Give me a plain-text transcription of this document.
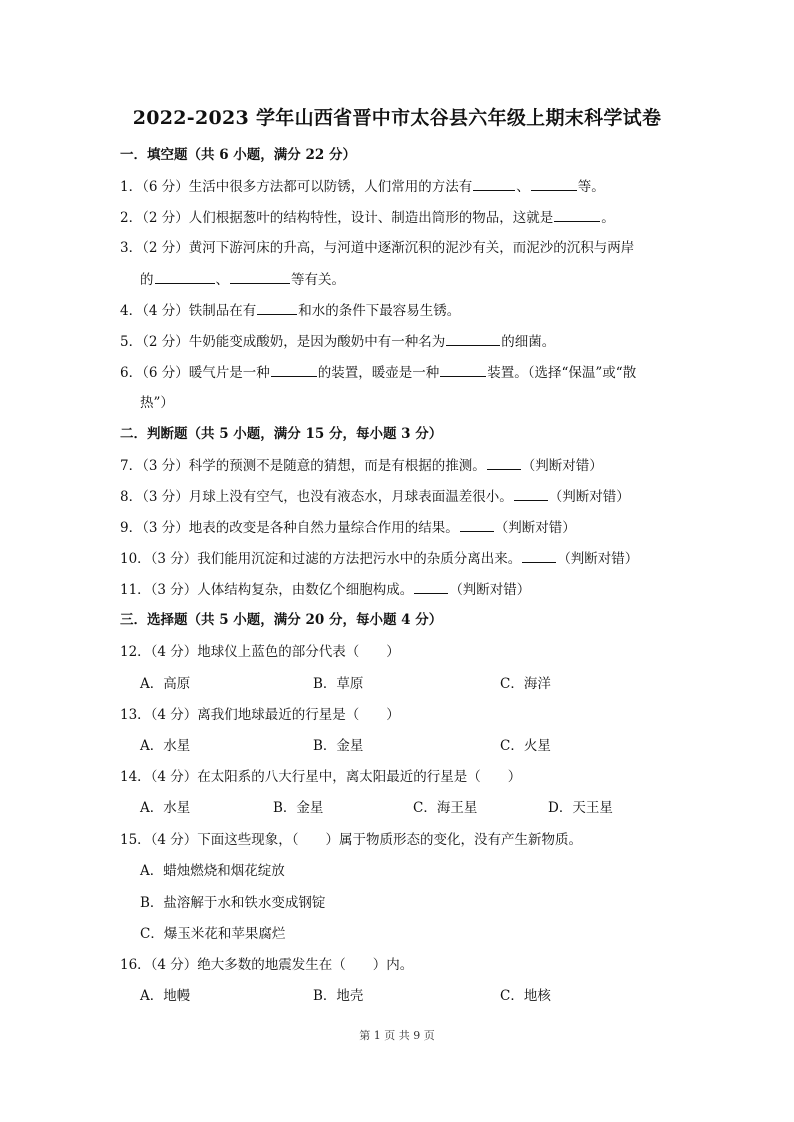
2022-2023 学年山西省晋中市太谷县六年级上期末科学试卷
一．填空题（共 6 小题，满分 22 分）
1．（6 分）生活中很多方法都可以防锈，人们常用的方法有	、	等。
2．（2 分）人们根据葱叶的结构特性，设计、制造出筒形的物品，这就是	。
3．（2 分）黄河下游河床的升高，与河道中逐渐沉积的泥沙有关，而泥沙的沉积与两岸
的	、	等有关。
4．（4 分）铁制品在有	和水的条件下最容易生锈。
5．（2 分）牛奶能变成酸奶，是因为酸奶中有一种名为	的细菌。
6．（6 分）暖气片是一种	的装置，暖壶是一种	装置。（选择“保温”或“散
热”）
二．判断题（共 5 小题，满分 15 分，每小题 3 分）
7．（3 分）科学的预测不是随意的猜想，而是有根据的推测。	（判断对错）
8．（3 分）月球上没有空气，也没有液态水，月球表面温差很小。	（判断对错）
9．（3 分）地表的改变是各种自然力量综合作用的结果。	（判断对错）
10．（3 分）我们能用沉淀和过滤的方法把污水中的杂质分离出来。	（判断对错）
11．（3 分）人体结构复杂，由数亿个细胞构成。	（判断对错）
三．选择题（共 5 小题，满分 20 分，每小题 4 分）
12．（4 分）地球仪上蓝色的部分代表（　　）
A．高原	B．草原	C．海洋
13．（4 分）离我们地球最近的行星是（　　）
A．水星	B．金星	C．火星
14．（4 分）在太阳系的八大行星中，离太阳最近的行星是（　　）
A．水星	B．金星	C．海王星	D．天王星
15．（4 分）下面这些现象，（　　）属于物质形态的变化，没有产生新物质。
A．蜡烛燃烧和烟花绽放
B．盐溶解于水和铁水变成钢锭
C．爆玉米花和苹果腐烂
16．（4 分）绝大多数的地震发生在（　　）内。
A．地幔	B．地壳	C．地核
第 1 页 共 9 页
